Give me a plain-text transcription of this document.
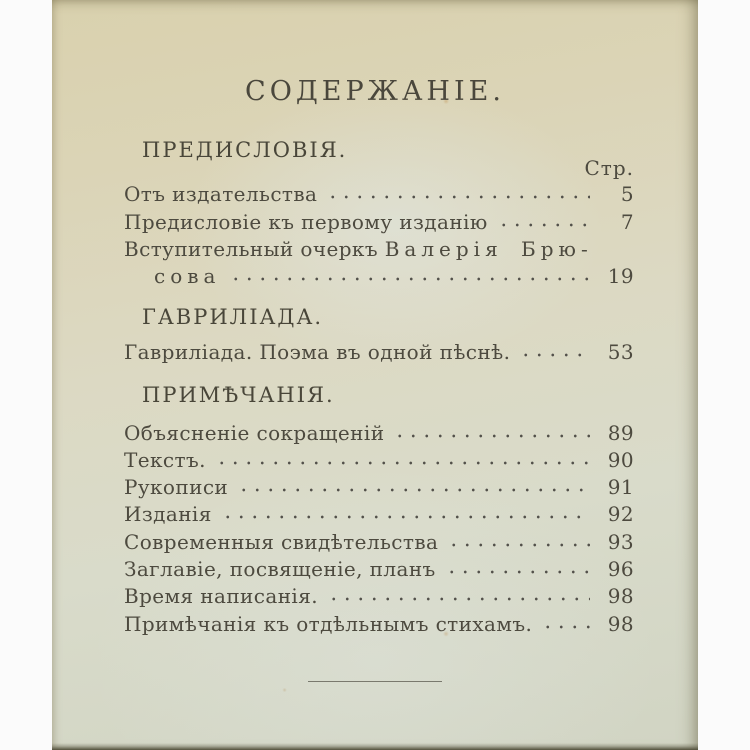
СОДЕРЖАНІЕ.
ПРЕДИСЛОВІЯ.
Стр.
Отъ издательства	5
Предисловіе къ первому изданію	7
Вступительный очеркъ Валерія Брю-
сова	19
ГАВРИЛІАДА.
Гавриліада. Поэма въ одной пѣснѣ.	53
ПРИМѢЧАНІЯ.
Объясненіе сокращеній	89
Текстъ.	90
Рукописи	91
Изданія	92
Современныя свидѣтельства	93
Заглавіе, посвященіе, планъ	96
Время написанія.	98
Примѣчанія къ отдѣльнымъ стихамъ.	98
